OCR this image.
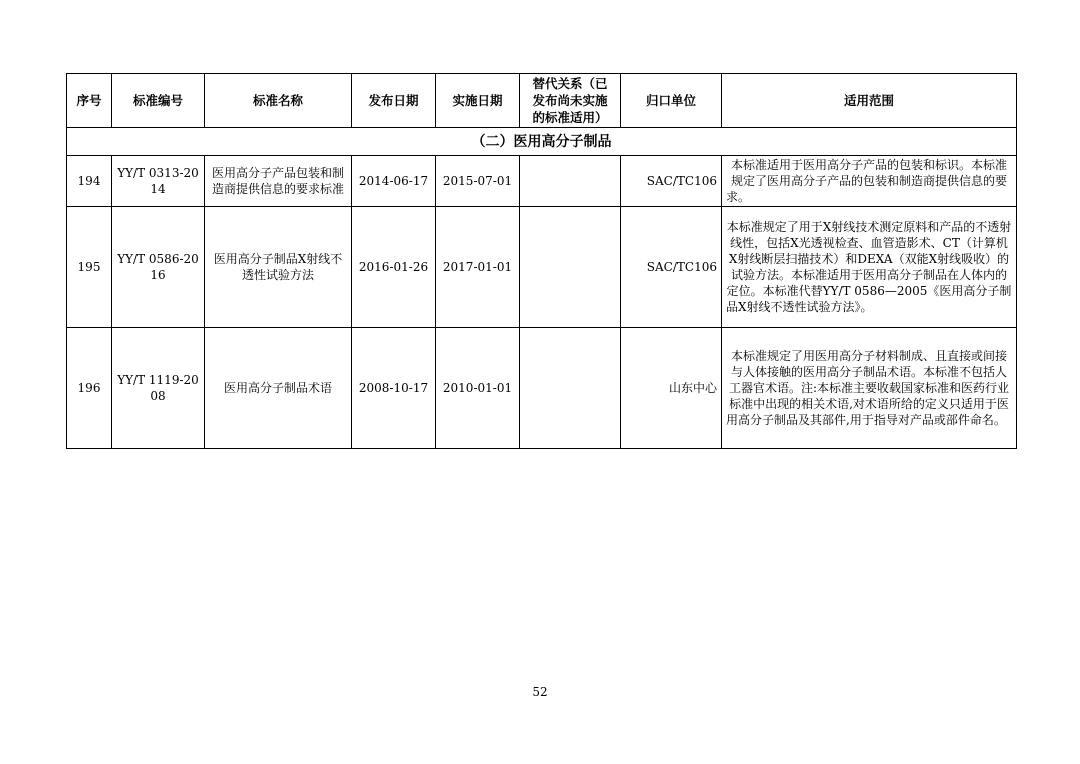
序号	标准编号	标准名称	发布日期	实施日期	替代关系（已发布尚未实施的标准适用）	归口单位	适用范围
（二）医用高分子制品							
194	YY/T 0313-2014	医用高分子产品包装和制造商提供信息的要求标准	2014-06-17	2015-07-01		SAC/TC106	本标准适用于医用高分子产品的包装和标识。本标准规定了医用高分子产品的包装和制造商提供信息的要求。
195	YY/T 0586-2016	医用高分子制品X射线不透性试验方法	2016-01-26	2017-01-01		SAC/TC106	本标准规定了用于X射线技术测定原料和产品的不透射线性，包括X光透视检查、血管造影术、CT（计算机X射线断层扫描技术）和DEXA（双能X射线吸收）的试验方法。本标准适用于医用高分子制品在人体内的定位。本标准代替YY/T 0586—2005《医用高分子制品X射线不透性试验方法》。
196	YY/T 1119-2008	医用高分子制品术语	2008-10-17	2010-01-01		山东中心	本标准规定了用医用高分子材料制成、且直接或间接与人体接触的医用高分子制品术语。本标准不包括人工器官术语。注:本标准主要收载国家标准和医药行业标准中出现的相关术语,对术语所给的定义只适用于医用高分子制品及其部件,用于指导对产品或部件命名。
52
